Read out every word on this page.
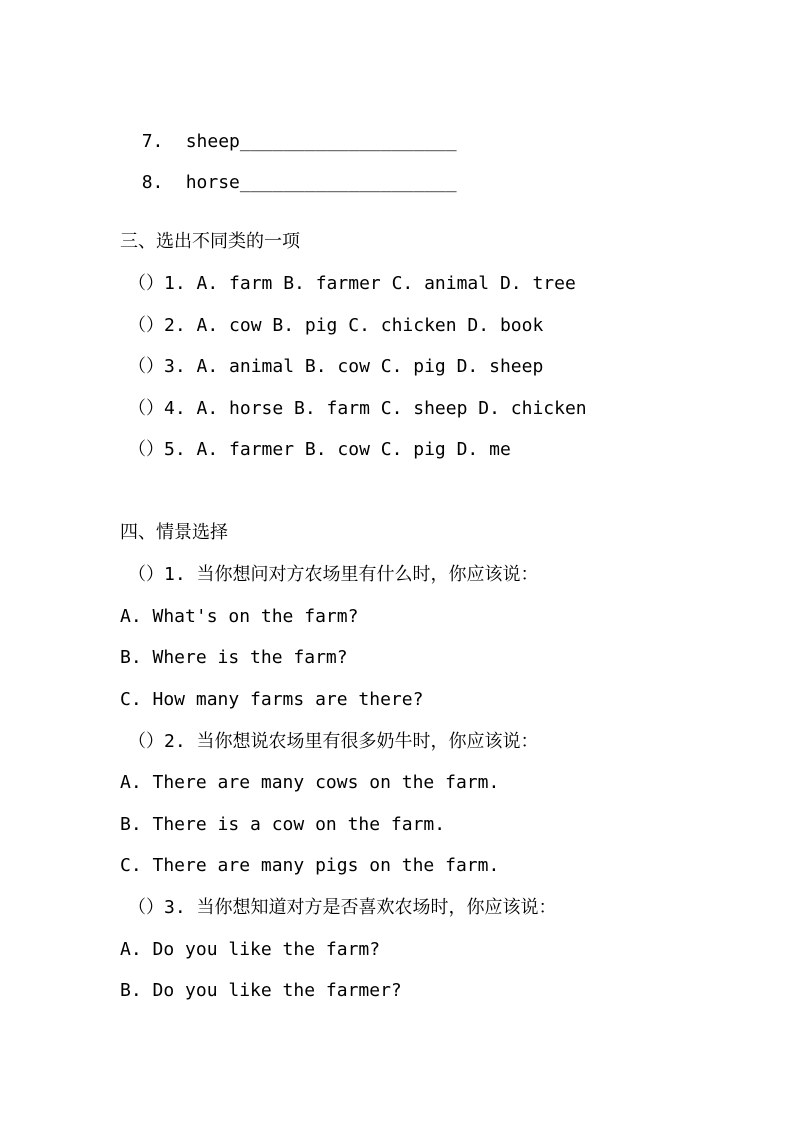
7. sheep____________________

8. horse____________________

三、选出不同类的一项
（）1. A. farm B. farmer C. animal D. tree
（）2. A. cow B. pig C. chicken D. book
（）3. A. animal B. cow C. pig D. sheep
（）4. A. horse B. farm C. sheep D. chicken
（）5. A. farmer B. cow C. pig D. me
四、情景选择
（）1. 当你想问对方农场里有什么时，你应该说：
A. What's on the farm?
B. Where is the farm?
C. How many farms are there?
（）2. 当你想说农场里有很多奶牛时，你应该说：
A. There are many cows on the farm.
B. There is a cow on the farm.
C. There are many pigs on the farm.
（）3. 当你想知道对方是否喜欢农场时，你应该说：
A. Do you like the farm?
B. Do you like the farmer?
